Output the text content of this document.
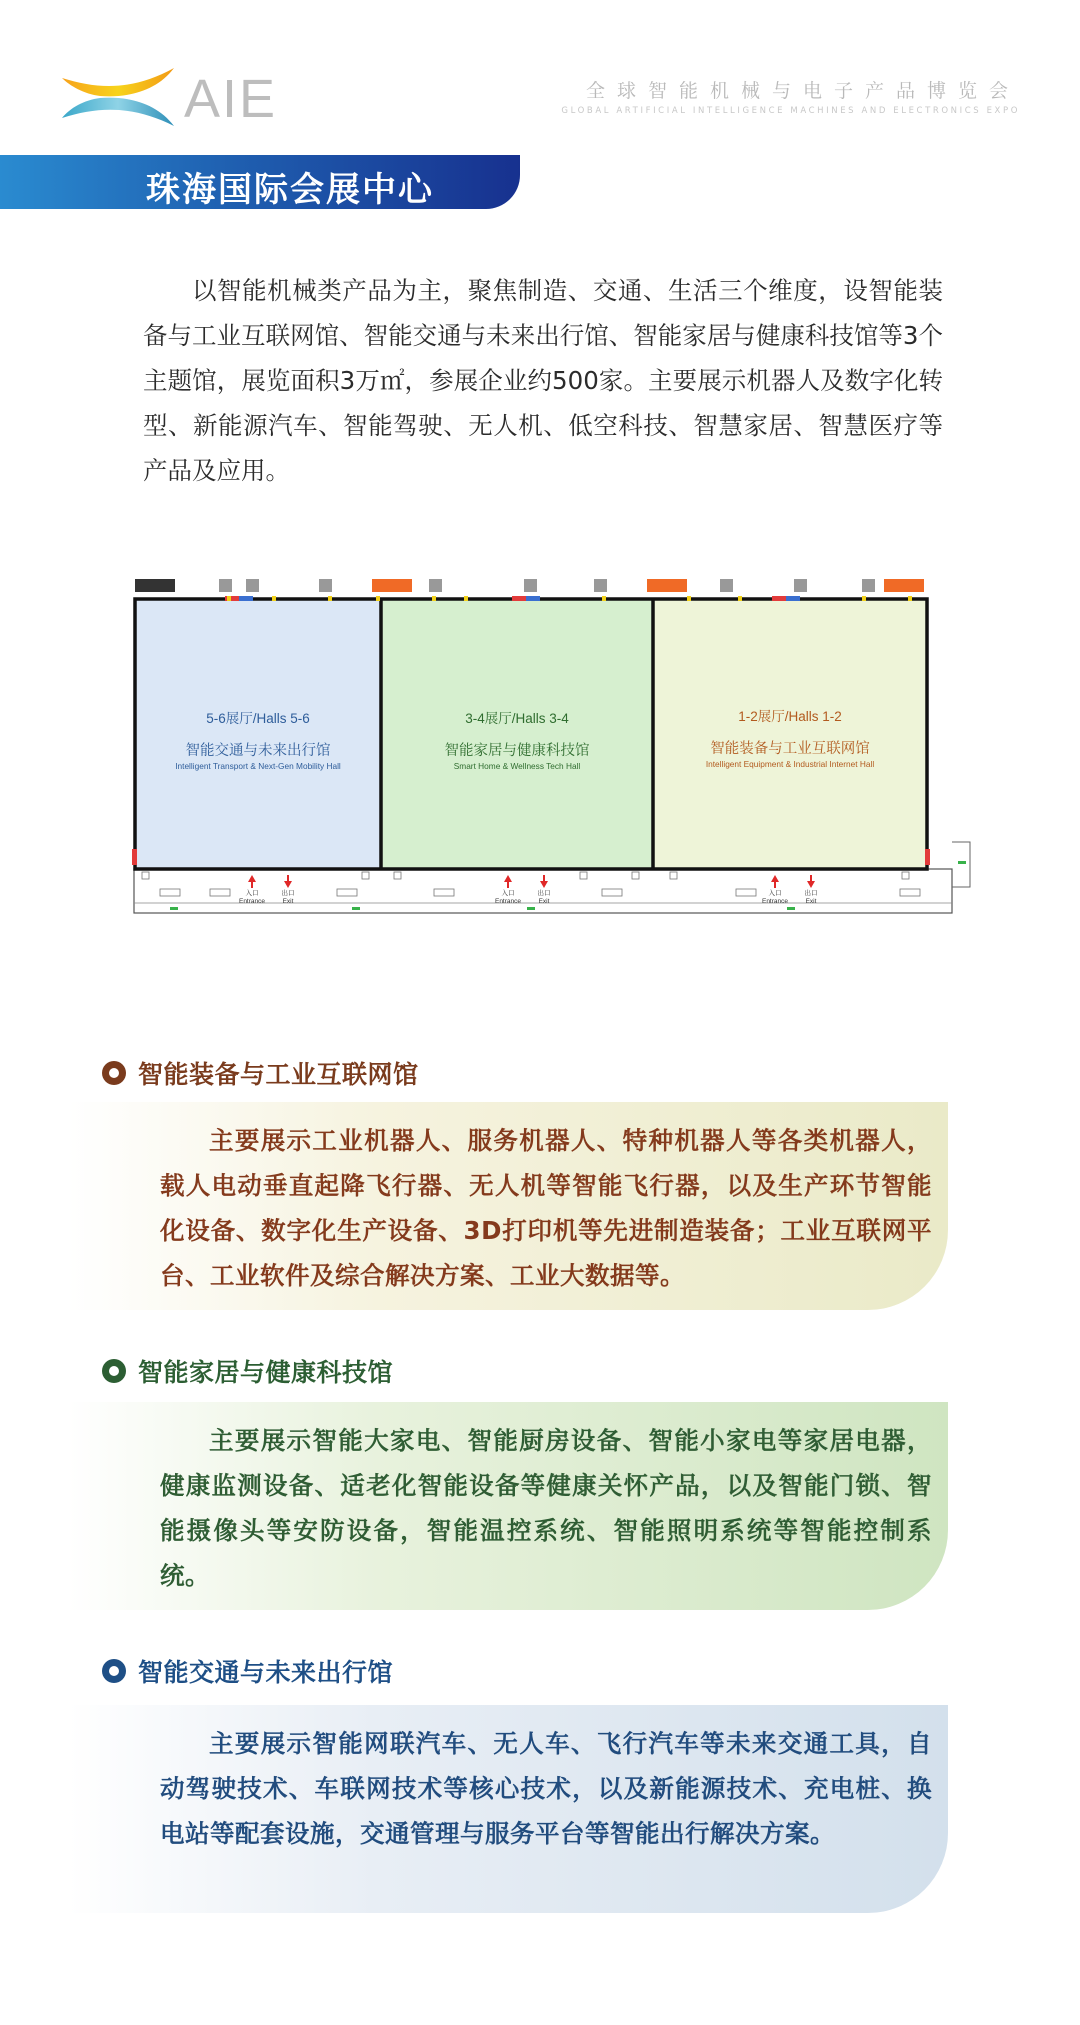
AIE	全球智能机械与电子产品博览会
GLOBAL ARTIFICIAL INTELLIGENCE MACHINES AND ELECTRONICS EXPO
珠海国际会展中心

以智能机械类产品为主，聚焦制造、交通、生活三个维度，设智能装备与工业互联网馆、智能交通与未来出行馆、智能家居与健康科技馆等3个主题馆，展览面积3万㎡，参展企业约500家。主要展示机器人及数字化转型、新能源汽车、智能驾驶、无人机、低空科技、智慧家居、智慧医疗等产品及应用。

5-6展厅/Halls 5-6
智能交通与未来出行馆
Intelligent Transport & Next-Gen Mobility Hall
3-4展厅/Halls 3-4
智能家居与健康科技馆
Smart Home & Wellness Tech Hall
1-2展厅/Halls 1-2
智能装备与工业互联网馆
Intelligent Equipment & Industrial Internet Hall
入口
Entrance
出口
Exit
入口
Entrance
出口
Exit
入口
Entrance
出口
Exit
智能装备与工业互联网馆

主要展示工业机器人、服务机器人、特种机器人等各类机器人，载人电动垂直起降飞行器、无人机等智能飞行器，以及生产环节智能化设备、数字化生产设备、3D打印机等先进制造装备；工业互联网平台、工业软件及综合解决方案、工业大数据等。

智能家居与健康科技馆

主要展示智能大家电、智能厨房设备、智能小家电等家居电器，健康监测设备、适老化智能设备等健康关怀产品，以及智能门锁、智能摄像头等安防设备，智能温控系统、智能照明系统等智能控制系统。

智能交通与未来出行馆

主要展示智能网联汽车、无人车、飞行汽车等未来交通工具，自动驾驶技术、车联网技术等核心技术，以及新能源技术、充电桩、换电站等配套设施，交通管理与服务平台等智能出行解决方案。
